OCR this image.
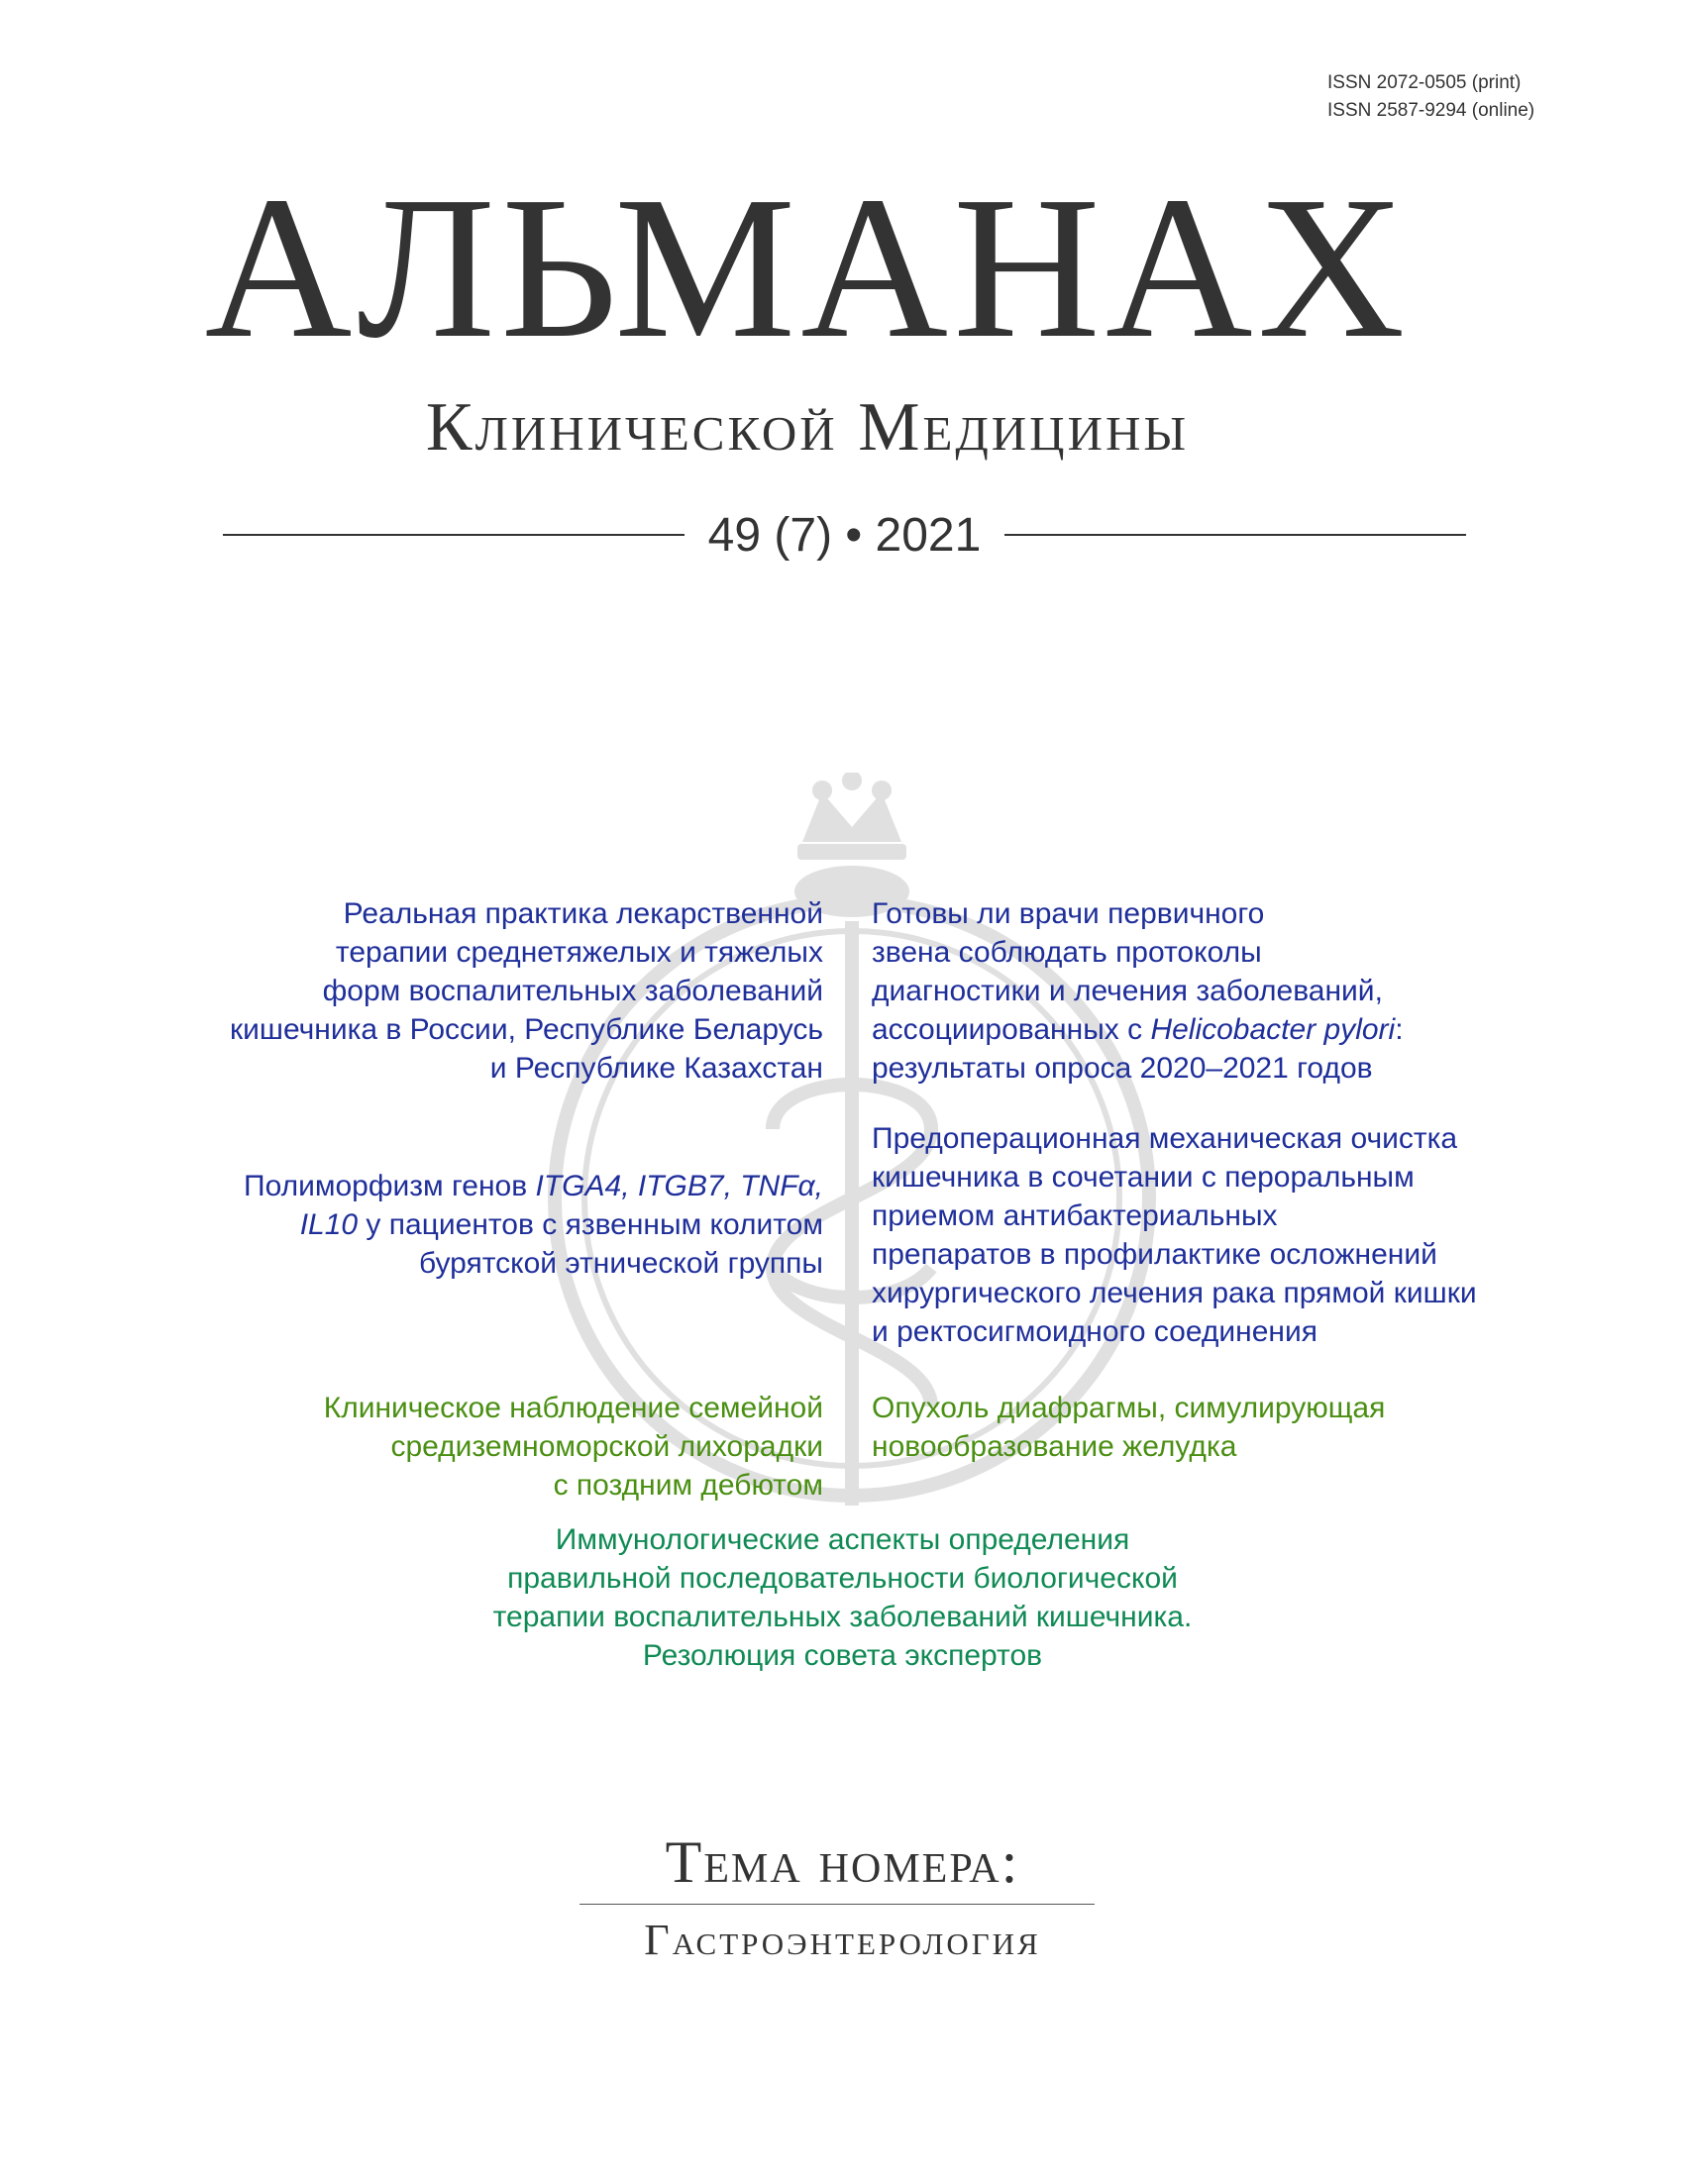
ISSN 2072-0505 (print)
ISSN 2587-9294 (online)
АЛЬМАНАХ
Клинической Медицины
49 (7) • 2021
Реальная практика лекарственной
терапии среднетяжелых и тяжелых
форм воспалительных заболеваний
кишечника в России, Республике Беларусь
и Республике Казахстан
Готовы ли врачи первичного
звена соблюдать протоколы
диагностики и лечения заболеваний,
ассоциированных с Helicobacter pylori:
результаты опроса 2020–2021 годов
Полиморфизм генов ITGA4, ITGB7, TNFα,
IL10 у пациентов с язвенным колитом
бурятской этнической группы
Предоперационная механическая очистка
кишечника в сочетании с пероральным
приемом антибактериальных
препаратов в профилактике осложнений
хирургического лечения рака прямой кишки
и ректосигмоидного соединения
Клиническое наблюдение семейной
средиземноморской лихорадки
с поздним дебютом
Опухоль диафрагмы, симулирующая
новообразование желудка
Иммунологические аспекты определения
правильной последовательности биологической
терапии воспалительных заболеваний кишечника.
Резолюция совета экспертов
Тема номера:
Гастроэнтерология
